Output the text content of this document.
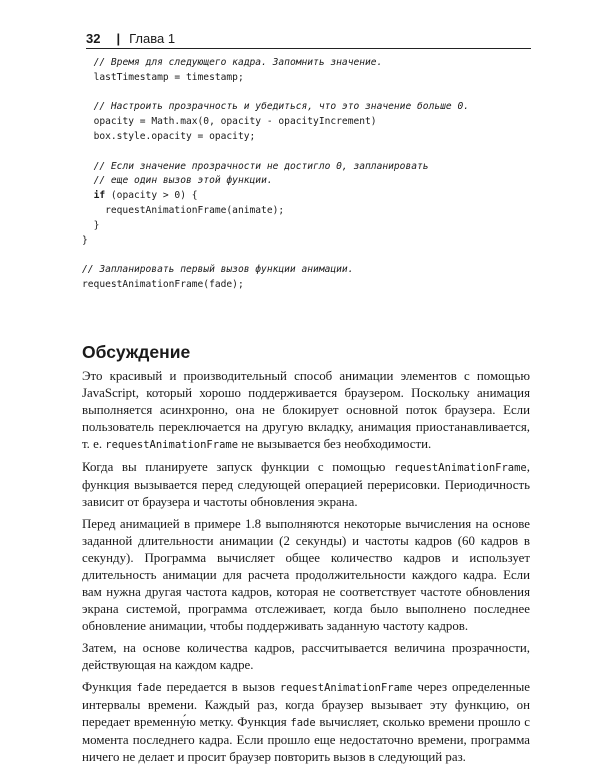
32 | Глава 1
// Время для следующего кадра. Запомнить значение.
lastTimestamp = timestamp;
// Настроить прозрачность и убедиться, что это значение больше 0.
opacity = Math.max(0, opacity - opacityIncrement)
box.style.opacity = opacity;
// Если значение прозрачности не достигло 0, запланировать
// еще один вызов этой функции.
if (opacity > 0) {
requestAnimationFrame(animate);
}
}
// Запланировать первый вызов функции анимации.
requestAnimationFrame(fade);
Обсуждение

Это красивый и производительный способ анимации элементов с помощью JavaScript, который хорошо поддерживается браузером. Поскольку анимация выполняется асинхронно, она не блокирует основной поток браузера. Если пользователь переключается на другую вкладку, анимация приостанавливается, т. е. requestAnimationFrame не вызывается без необходимости.

Когда вы планируете запуск функции с помощью requestAnimationFrame, функция вызывается перед следующей операцией перерисовки. Периодичность зависит от браузера и частоты обновления экрана.

Перед анимацией в примере 1.8 выполняются некоторые вычисления на основе заданной длительности анимации (2 секунды) и частоты кадров (60 кадров в секунду). Программа вычисляет общее количество кадров и использует длительность анимации для расчета продолжительности каждого кадра. Если вам нужна другая частота кадров, которая не соответствует частоте обновления экрана системой, программа отслеживает, когда было выполнено последнее обновление анимации, чтобы поддерживать заданную частоту кадров.

Затем, на основе количества кадров, рассчитывается величина прозрачности, действующая на каждом кадре.

Функция fade передается в вызов requestAnimationFrame через определенные интервалы времени. Каждый раз, когда браузер вызывает эту функцию, он передает временну́ю метку. Функция fade вычисляет, сколько времени прошло с момента последнего кадра. Если прошло еще недостаточно времени, программа ничего не делает и просит браузер повторить вызов в следующий раз.
